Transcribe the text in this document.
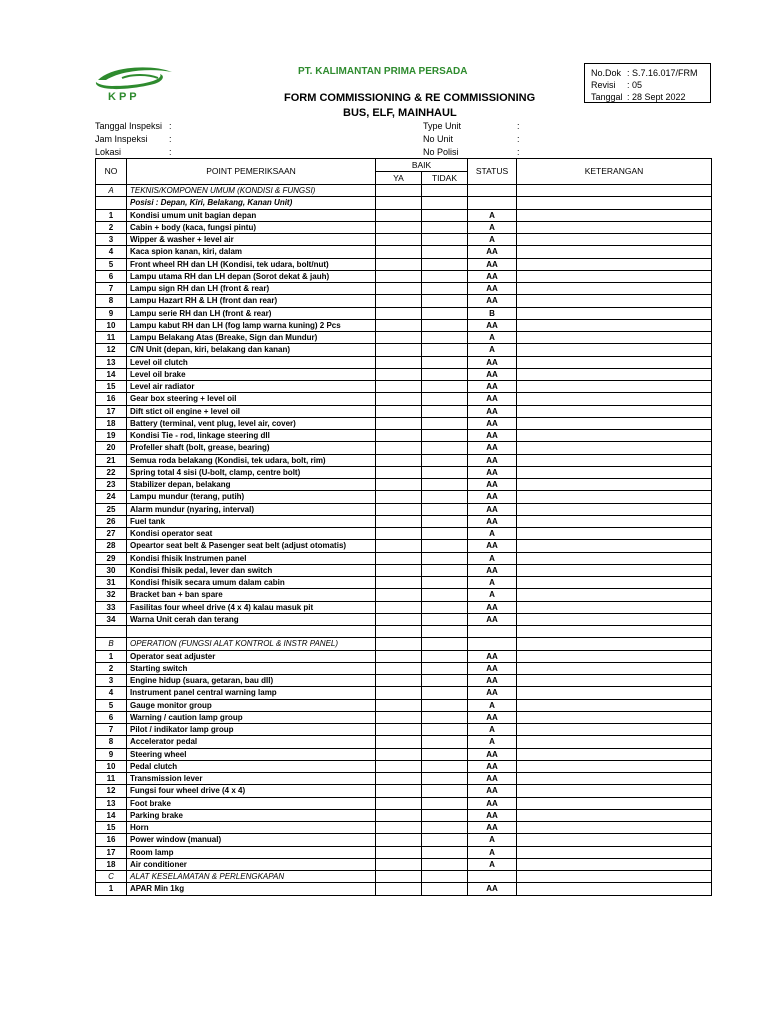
KPP
PT. KALIMANTAN PRIMA PERSADA
FORM COMMISSIONING & RE COMMISSIONING
BUS, ELF, MAINHAUL
No.Dok : S.7.16.017/FRM
Revisi	: 05
Tanggal : 28 Sept 2022
Tanggal Inspeksi :
Jam Inspeksi :
Lokasi	:
Type Unit	:
No Unit	:
No Polisi	:
NO	POINT PEMERIKSAAN	BAIK		STATUS	KETERANGAN
		YA	TIDAK		
A	TEKNIS/KOMPONEN UMUM (KONDISI & FUNGSI)				
	Posisi : Depan, Kiri, Belakang, Kanan Unit)				
1	Kondisi umum unit bagian depan			A	
2	Cabin + body (kaca, fungsi pintu)			A	
3	Wipper & washer + level air			A	
4	Kaca spion kanan, kiri, dalam			AA	
5	Front wheel RH dan LH (Kondisi, tek udara, bolt/nut)			AA	
6	Lampu utama RH dan LH depan (Sorot dekat & jauh)			AA	
7	Lampu sign RH dan LH (front & rear)			AA	
8	Lampu Hazart RH & LH (front dan rear)			AA	
9	Lampu serie RH dan LH (front & rear)			B	
10	Lampu kabut RH dan LH (fog lamp warna kuning) 2 Pcs			AA	
11	Lampu Belakang Atas (Breake, Sign dan Mundur)			A	
12	C/N Unit (depan, kiri, belakang dan kanan)			A	
13	Level oil clutch			AA	
14	Level oil brake			AA	
15	Level air radiator			AA	
16	Gear box steering + level oil			AA	
17	Dift stict oil engine + level oil			AA	
18	Battery (terminal, vent plug, level air, cover)			AA	
19	Kondisi Tie - rod, linkage steering dll			AA	
20	Profeller shaft (bolt, grease, bearing)			AA	
21	Semua roda belakang (Kondisi, tek udara, bolt, rim)			AA	
22	Spring total 4 sisi (U-bolt, clamp, centre bolt)			AA	
23	Stabilizer depan, belakang			AA	
24	Lampu mundur (terang, putih)			AA	
25	Alarm mundur (nyaring, interval)			AA	
26	Fuel tank			AA	
27	Kondisi operator seat			A	
28	Opeartor seat belt & Pasenger seat belt (adjust otomatis)			AA	
29	Kondisi fhisik Instrumen panel			A	
30	Kondisi fhisik pedal, lever dan switch			AA	
31	Kondisi fhisik secara umum dalam cabin			A	
32	Bracket ban + ban spare			A	
33	Fasilitas four wheel drive (4 x 4) kalau masuk pit			AA	
34	Warna Unit cerah dan terang			AA	

B	OPERATION (FUNGSI ALAT KONTROL & INSTR PANEL)				
1	Operator seat adjuster			AA	
2	Starting switch			AA	
3	Engine hidup (suara, getaran, bau dll)			AA	
4	Instrument panel central warning lamp			AA	
5	Gauge monitor group			A	
6	Warning / caution lamp group			AA	
7	Pilot / indikator lamp group			A	
8	Accelerator pedal			A	
9	Steering wheel			AA	
10	Pedal clutch			AA	
11	Transmission lever			AA	
12	Fungsi four wheel drive (4 x 4)			AA	
13	Foot brake			AA	
14	Parking brake			AA	
15	Horn			AA	
16	Power window (manual)			A	
17	Room lamp			A	
18	Air conditioner			A	
C	ALAT KESELAMATAN & PERLENGKAPAN				
1	APAR Min 1kg			AA	
